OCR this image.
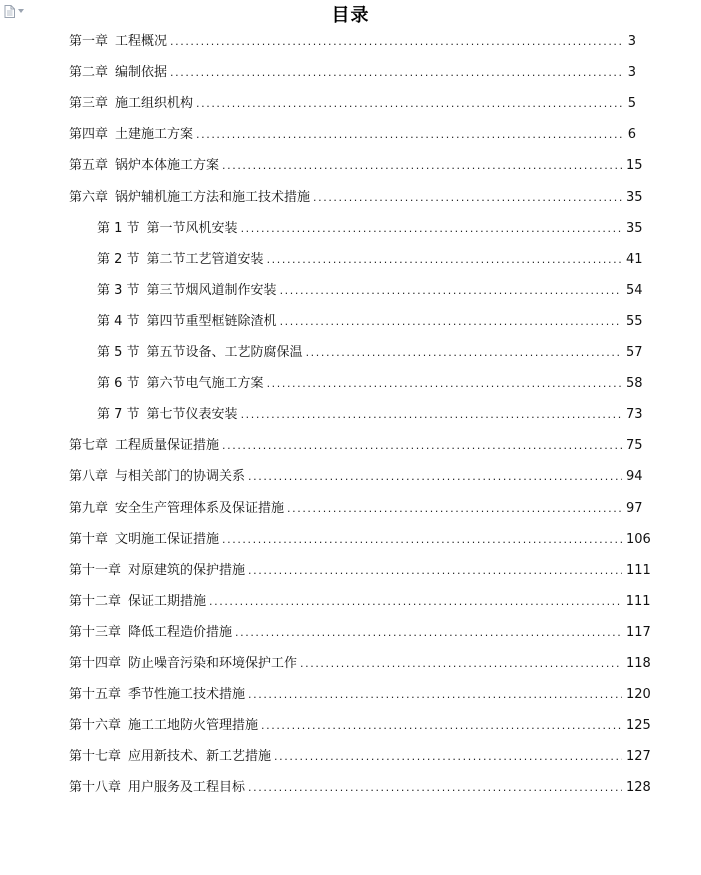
目录
第一章 工程概况 .....	3
第二章 编制依据 .....	3
第三章 施工组织机构 .....	5
第四章 土建施工方案 .....	6
第五章 锅炉本体施工方案 .....	15
第六章 锅炉辅机施工方法和施工技术措施 .....	35
第 1 节 第一节风机安装 .....	35
第 2 节 第二节工艺管道安装 .....	41
第 3 节 第三节烟风道制作安装 .....	54
第 4 节 第四节重型框链除渣机 .....	55
第 5 节 第五节设备、工艺防腐保温 .....	57
第 6 节 第六节电气施工方案 .....	58
第 7 节 第七节仪表安装 .....	73
第七章 工程质量保证措施 .....	75
第八章 与相关部门的协调关系 .....	94
第九章 安全生产管理体系及保证措施 .....	97
第十章 文明施工保证措施 .....	106
第十一章 对原建筑的保护措施 .....	111
第十二章 保证工期措施 .....	111
第十三章 降低工程造价措施 .....	117
第十四章 防止噪音污染和环境保护工作 .....	118
第十五章 季节性施工技术措施 .....	120
第十六章 施工工地防火管理措施 .....	125
第十七章 应用新技术、新工艺措施 .....	127
第十八章 用户服务及工程目标 .....	128
